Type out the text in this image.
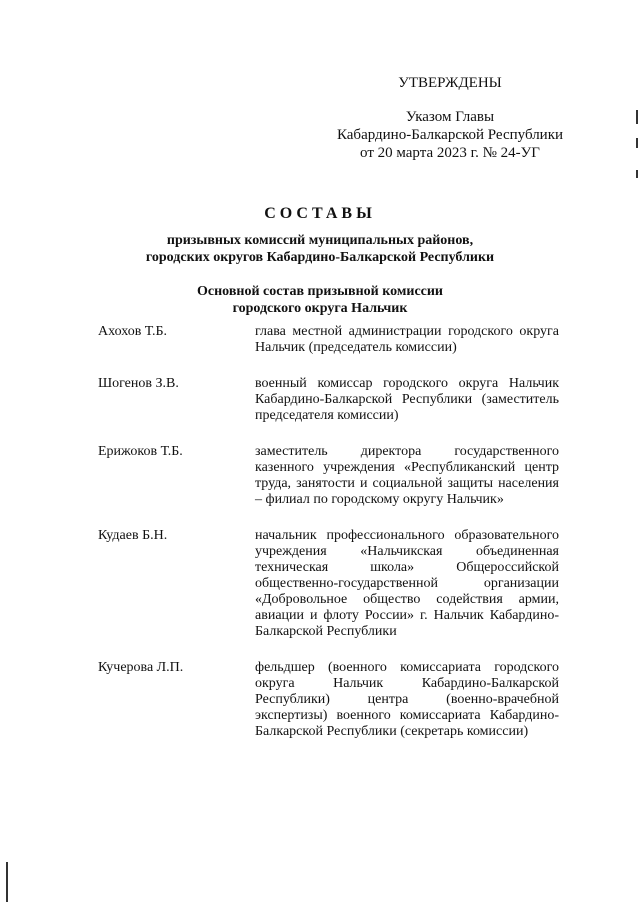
УТВЕРЖДЕНЫ
Указом Главы
Кабардино-Балкарской Республики
от 20 марта 2023 г. № 24-УГ
СОСТАВЫ
призывных комиссий муниципальных районов,
городских округов Кабардино-Балкарской Республики
Основной состав призывной комиссии
городского округа Нальчик
Ахохов Т.Б.	глава местной администрации городского округа Нальчик (председатель комиссии)
Шогенов З.В.	военный комиссар городского округа Нальчик Кабардино-Балкарской Республики (заместитель председателя комиссии)
Ерижоков Т.Б.	заместитель директора государственного казенного учреждения «Республиканский центр труда, занятости и социальной защиты населения – филиал по городскому округу Нальчик»
Кудаев Б.Н.	начальник профессионального образовательного учреждения «Нальчикская объединенная техническая школа» Общероссийской общественно-государственной организации «Добровольное общество содействия армии, авиации и флоту России» г. Нальчик Кабардино-Балкарской Республики
Кучерова Л.П.	фельдшер (военного комиссариата городского округа Нальчик Кабардино-Балкарской Республики) центра (военно-врачебной экспертизы) военного комиссариата Кабардино-Балкарской Республики (секретарь комиссии)
